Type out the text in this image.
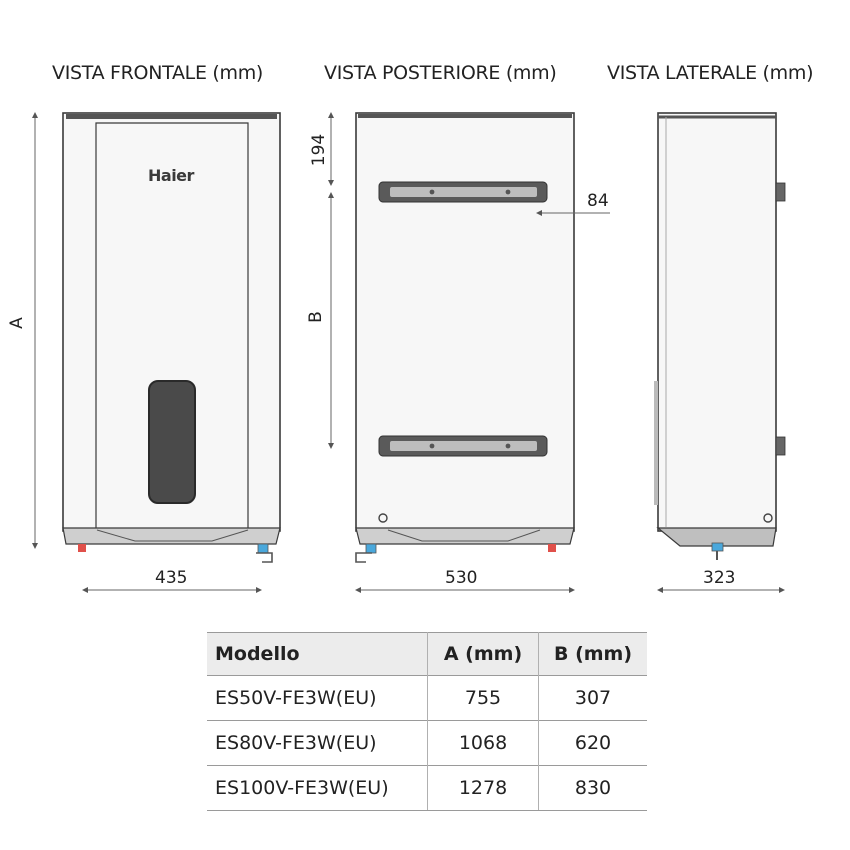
VISTA FRONTALE (mm)	VISTA POSTERIORE (mm)	VISTA LATERALE (mm)
Haier
A
435
194
B
84
530	323
Modello	A (mm)	B (mm)
ES50V-FE3W(EU)	755	307
ES80V-FE3W(EU)	1068	620
ES100V-FE3W(EU)	1278	830
